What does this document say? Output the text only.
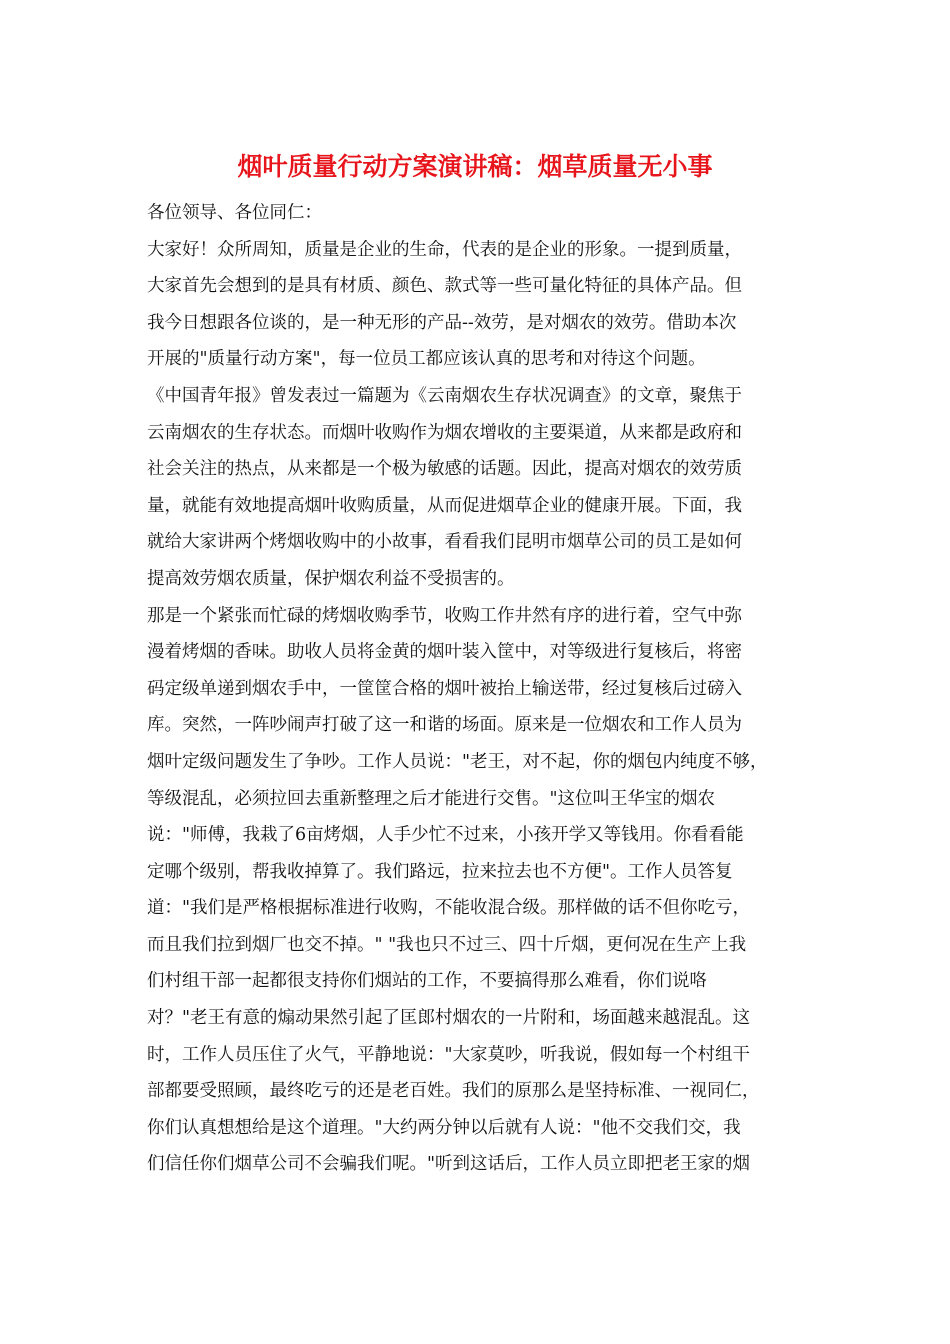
烟叶质量行动方案演讲稿：烟草质量无小事
各位领导、各位同仁：
大家好！众所周知，质量是企业的生命，代表的是企业的形象。一提到质量，
大家首先会想到的是具有材质、颜色、款式等一些可量化特征的具体产品。但
我今日想跟各位谈的，是一种无形的产品--效劳，是对烟农的效劳。借助本次
开展的"质量行动方案"，每一位员工都应该认真的思考和对待这个问题。
《中国青年报》曾发表过一篇题为《云南烟农生存状况调查》的文章，聚焦于
云南烟农的生存状态。而烟叶收购作为烟农增收的主要渠道，从来都是政府和
社会关注的热点，从来都是一个极为敏感的话题。因此，提高对烟农的效劳质
量，就能有效地提高烟叶收购质量，从而促进烟草企业的健康开展。下面，我
就给大家讲两个烤烟收购中的小故事，看看我们昆明市烟草公司的员工是如何
提高效劳烟农质量，保护烟农利益不受损害的。
那是一个紧张而忙碌的烤烟收购季节，收购工作井然有序的进行着，空气中弥
漫着烤烟的香味。助收人员将金黄的烟叶装入筐中，对等级进行复核后，将密
码定级单递到烟农手中，一筐筐合格的烟叶被抬上输送带，经过复核后过磅入
库。突然，一阵吵闹声打破了这一和谐的场面。原来是一位烟农和工作人员为
烟叶定级问题发生了争吵。工作人员说："老王，对不起，你的烟包内纯度不够，
等级混乱，必须拉回去重新整理之后才能进行交售。"这位叫王华宝的烟农
说："师傅，我栽了6亩烤烟，人手少忙不过来，小孩开学又等钱用。你看看能
定哪个级别，帮我收掉算了。我们路远，拉来拉去也不方便"。工作人员答复
道："我们是严格根据标准进行收购，不能收混合级。那样做的话不但你吃亏，
而且我们拉到烟厂也交不掉。" "我也只不过三、四十斤烟，更何况在生产上我
们村组干部一起都很支持你们烟站的工作，不要搞得那么难看，你们说咯
对？"老王有意的煽动果然引起了匡郎村烟农的一片附和，场面越来越混乱。这
时，工作人员压住了火气，平静地说："大家莫吵，听我说，假如每一个村组干
部都要受照顾，最终吃亏的还是老百姓。我们的原那么是坚持标准、一视同仁，
你们认真想想给是这个道理。"大约两分钟以后就有人说："他不交我们交，我
们信任你们烟草公司不会骗我们呢。"听到这话后，工作人员立即把老王家的烟
